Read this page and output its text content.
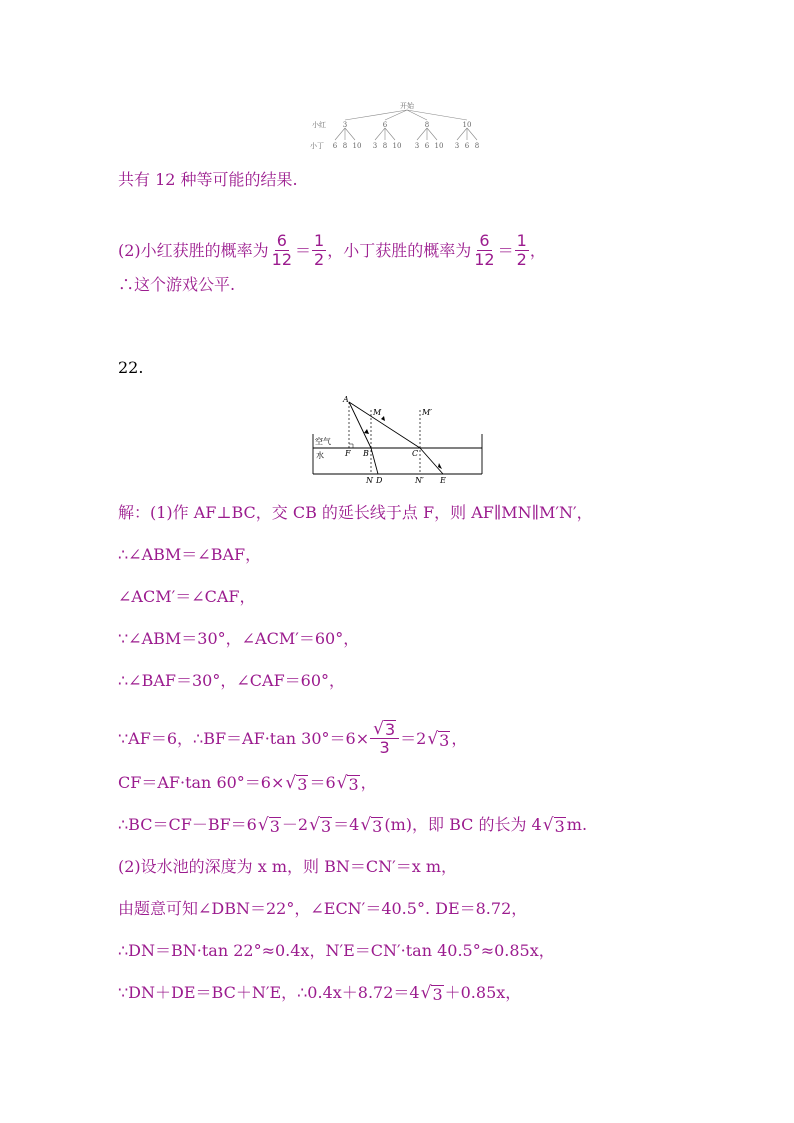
开始
小红
小丁
3	6	8	10
6 8 10 3 8 10 3 6 10 3 6 8
共有 12 种等可能的结果.
(2)小红获胜的概率为 $\frac{6}{12} = \frac{1}{2}$ ，小丁获胜的概率为 $\frac{6}{12} = \frac{1}{2}$ ，
∴这个游戏公平.
22.
A
M	M′
F B	C
N D	N′ E
空气
水
解：(1)作 AF⊥BC，交 CB 的延长线于点 F，则 AF∥MN∥M′N′，
∴∠ABM＝∠BAF，
∠ACM′＝∠CAF，
∵∠ABM＝30°，∠ACM′＝60°，
∴∠BAF＝30°，∠CAF＝60°，
∵AF＝6，∴BF＝AF·tan $30^\circ=6\times \frac{√ 3}{3} =2$ √ 3 ，
CF＝AF·tan 60°＝6× √ 3 ＝6 √ 3 ，
∴BC＝CF－BF＝6 √ 3 －2 √ 3 ＝4 √ 3 (m)，即 BC 的长为 4 √ 3 m.
(2)设水池的深度为 x m，则 BN＝CN′＝x m，
由题意可知∠DBN＝22°，∠ECN′＝40.5°. DE＝8.72，
∴DN＝BN·tan 22°≈0.4x，N′E＝CN′·tan 40.5°≈0.85x，
∵DN＋DE＝BC＋N′E，∴0.4x＋8.72＝4 √ 3 ＋0.85x，
